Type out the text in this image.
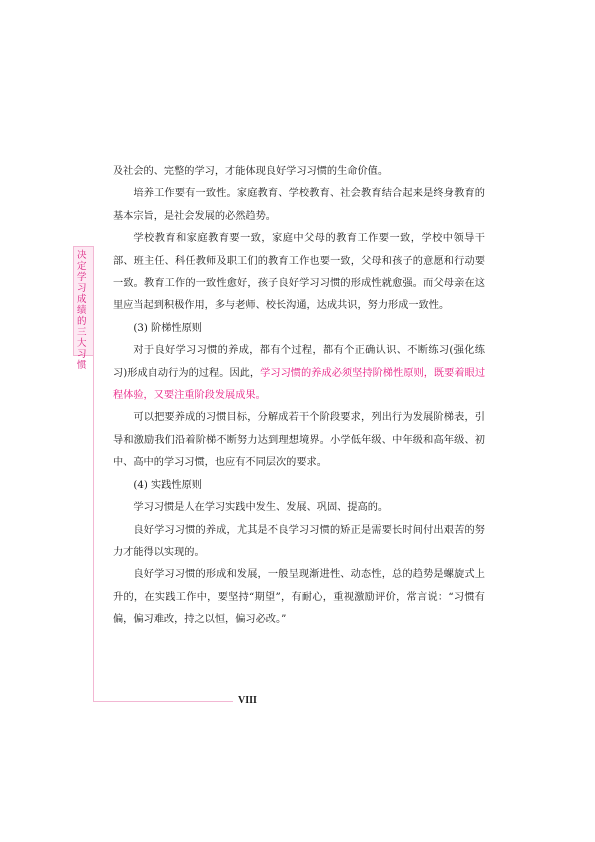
决定学习成绩的三大习惯

及社会的、完整的学习，才能体现良好学习习惯的生命价值。

培养工作要有一致性。家庭教育、学校教育、社会教育结合起来是终身教育的基本宗旨，是社会发展的必然趋势。

学校教育和家庭教育要一致，家庭中父母的教育工作要一致，学校中领导干部、班主任、科任教师及职工们的教育工作也要一致，父母和孩子的意愿和行动要一致。教育工作的一致性愈好，孩子良好学习习惯的形成性就愈强。而父母亲在这里应当起到积极作用，多与老师、校长沟通，达成共识，努力形成一致性。

(3) 阶梯性原则

对于良好学习习惯的养成，都有个过程，都有个正确认识、不断练习(强化练习)形成自动行为的过程。因此，学习习惯的养成必须坚持阶梯性原则，既要着眼过程体验，又要注重阶段发展成果。

可以把要养成的习惯目标，分解成若干个阶段要求，列出行为发展阶梯表，引导和激励我们沿着阶梯不断努力达到理想境界。小学低年级、中年级和高年级、初中、高中的学习习惯，也应有不同层次的要求。

(4) 实践性原则

学习习惯是人在学习实践中发生、发展、巩固、提高的。

良好学习习惯的养成，尤其是不良学习习惯的矫正是需要长时间付出艰苦的努力才能得以实现的。

良好学习习惯的形成和发展，一般呈现渐进性、动态性，总的趋势是螺旋式上升的，在实践工作中，要坚持“期望”，有耐心，重视激励评价，常言说：“习惯有偏，偏习难改，持之以恒，偏习必改。”

VIII
